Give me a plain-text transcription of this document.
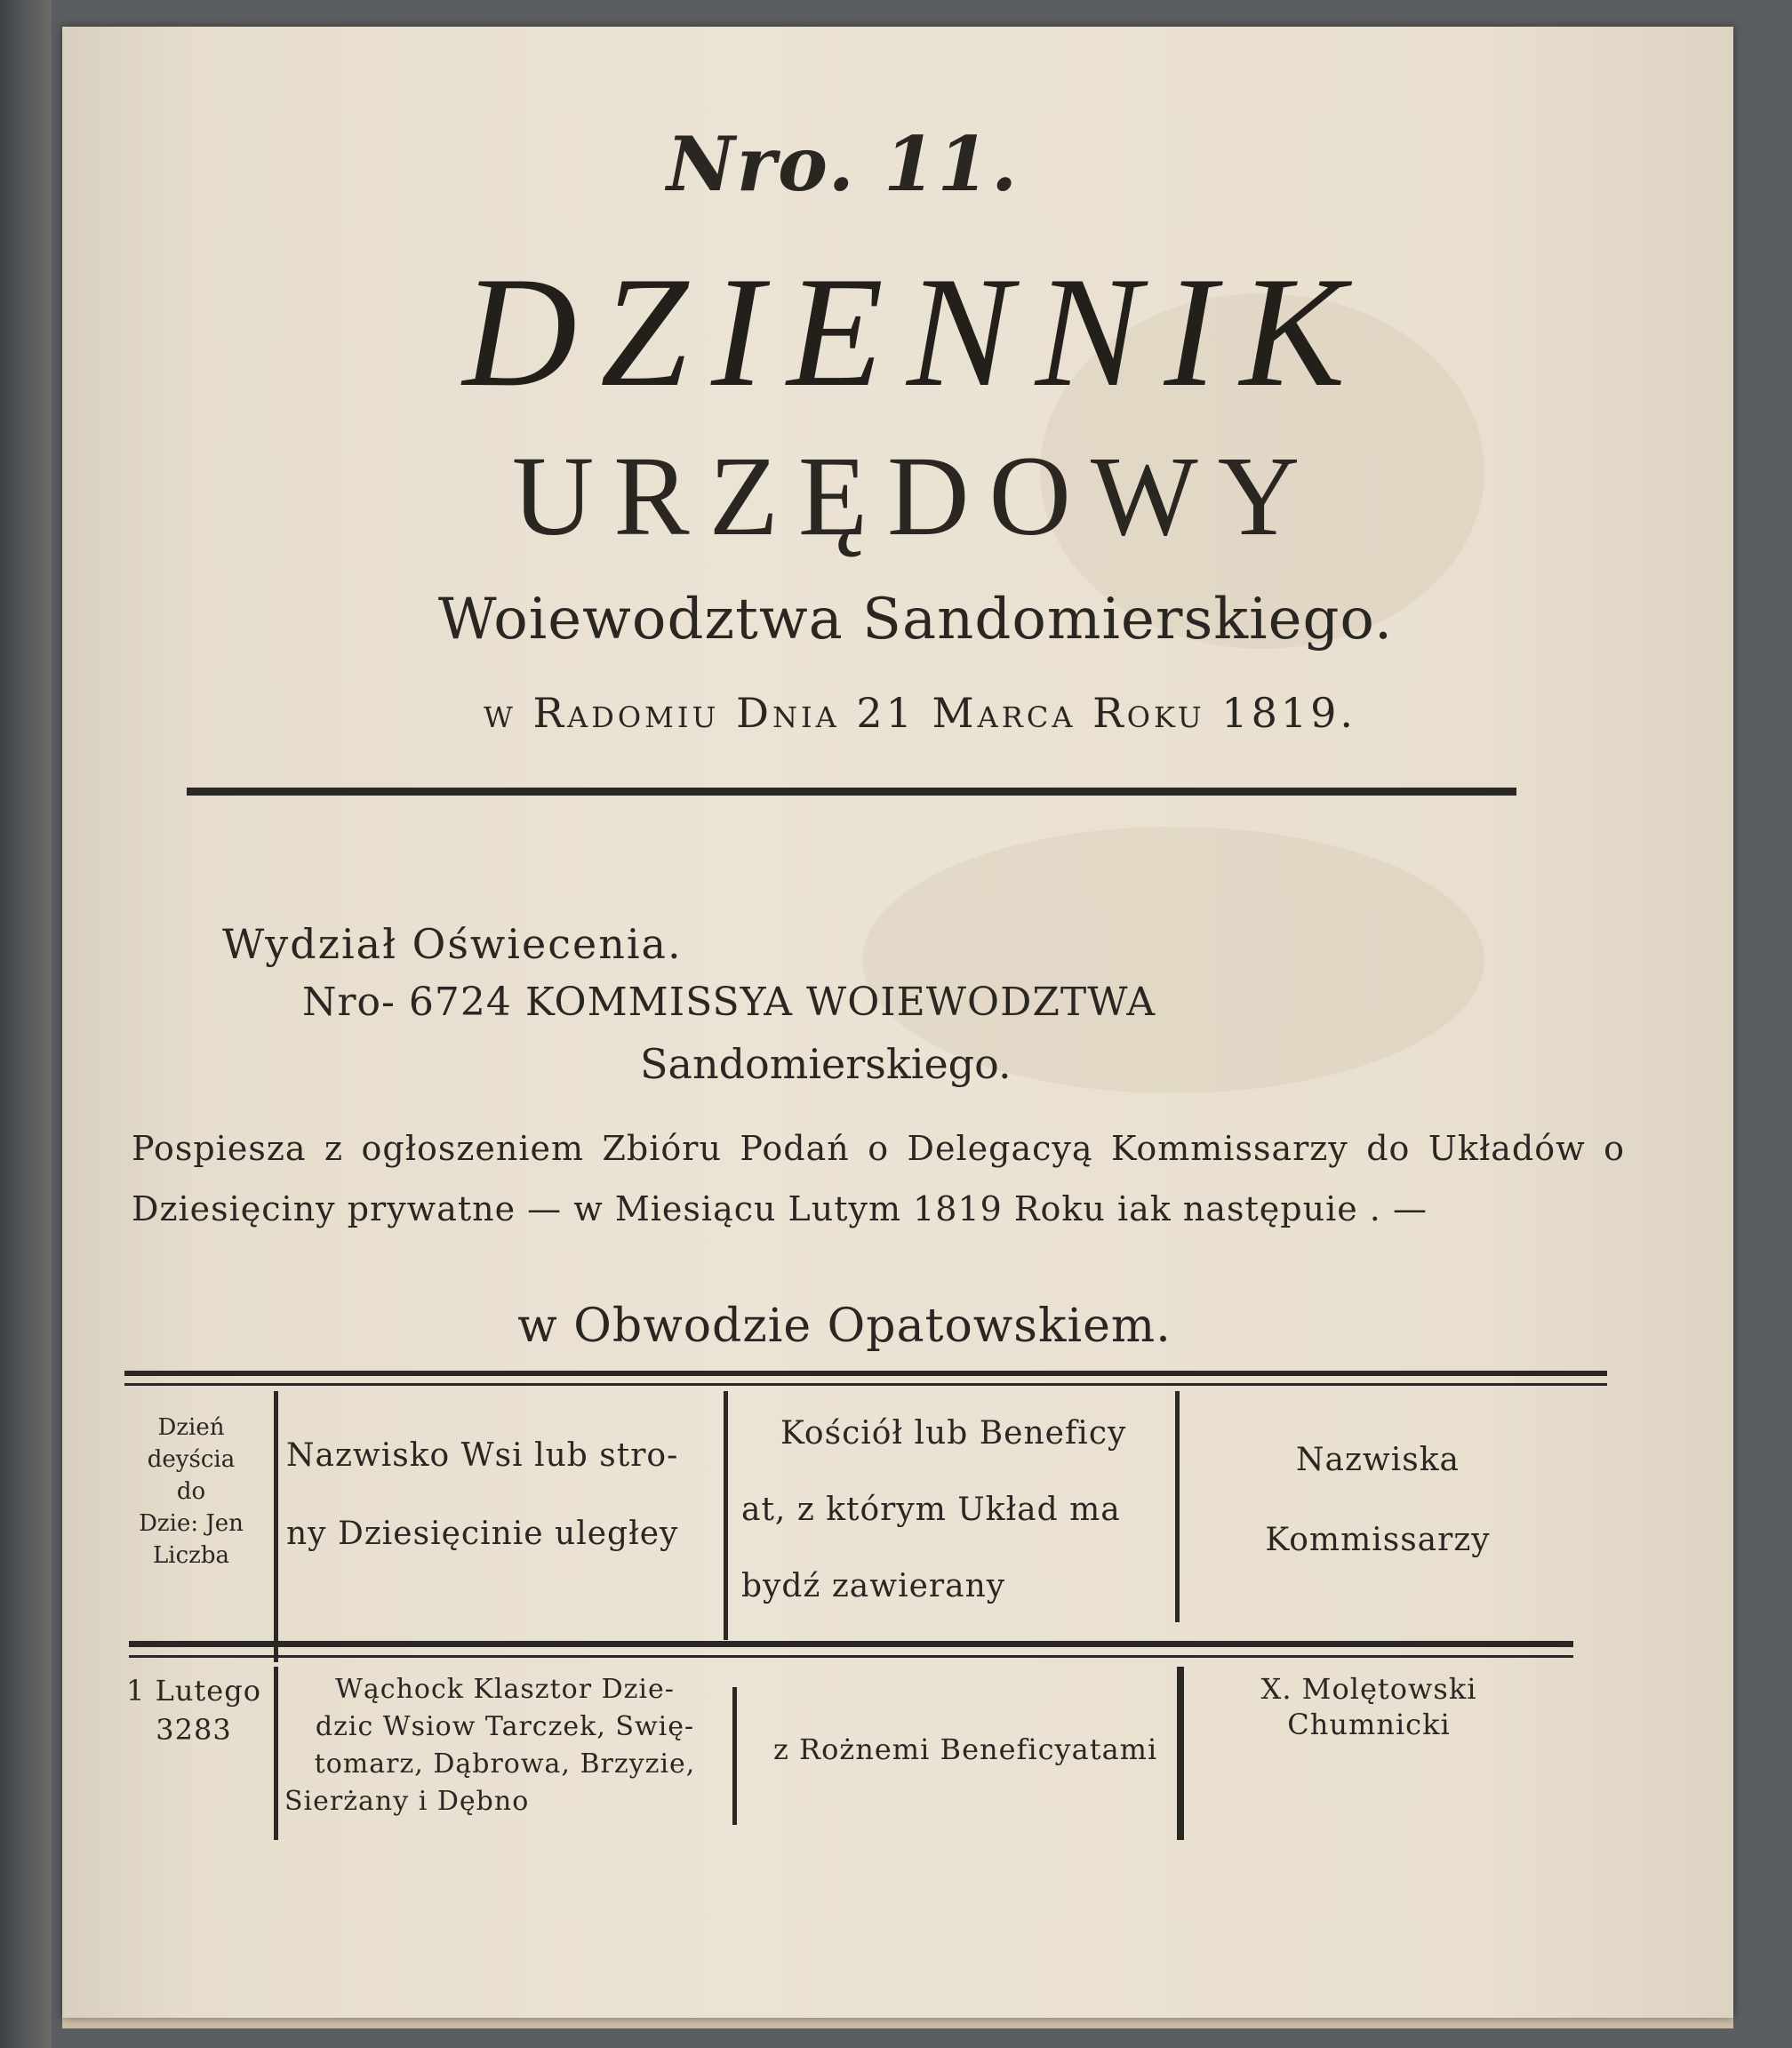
Nro. 11.
DZIENNIK
URZĘDOWY
Woiewodztwa Sandomierskiego.
w Radomiu Dnia 21 Marca Roku 1819.
Wydział Oświecenia.
Nro- 6724 KOMMISSYA WOIEWODZTWA
Sandomierskiego.
Pospiesza z ogłoszeniem Zbióru Podań o Delegacyą Kommissarzy do Układów o Dziesięciny prywatne — w Miesiącu Lutym 1819 Roku iak następuie . —
w Obwodzie Opatowskiem.
Dzień
deyścia
do
Dzie: Jen
Liczba
Nazwisko Wsi lub stro-
ny Dziesięcinie uległey
Kościół lub Beneficy
at, z którym Układ ma
bydź zawierany
Nazwiska
Kommissarzy
1 Lutego
3283
Wąchock Klasztor Dzie-
dzic Wsiow Tarczek, Swię-
tomarz, Dąbrowa, Brzyzie,
Sierżany i Dębno
z Rożnemi Beneficyatami
X. Molętowski
Chumnicki
